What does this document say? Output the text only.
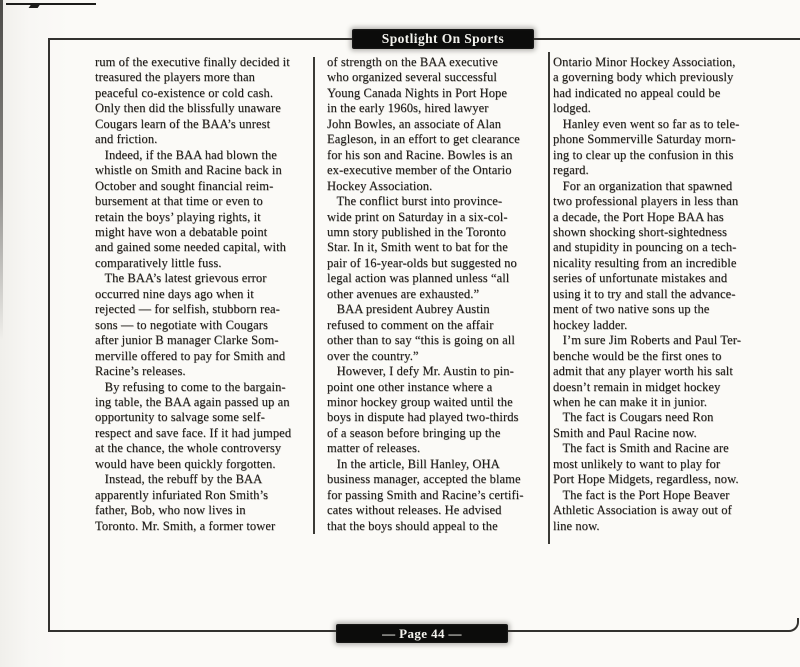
Spotlight On Sports
rum of the executive finally decided it
treasured the players more than
peaceful co-existence or cold cash.
Only then did the blissfully unaware
Cougars learn of the BAA’s unrest
and friction.
Indeed, if the BAA had blown the
whistle on Smith and Racine back in
October and sought financial reim-
bursement at that time or even to
retain the boys’ playing rights, it
might have won a debatable point
and gained some needed capital, with
comparatively little fuss.
The BAA’s latest grievous error
occurred nine days ago when it
rejected — for selfish, stubborn rea-
sons — to negotiate with Cougars
after junior B manager Clarke Som-
merville offered to pay for Smith and
Racine’s releases.
By refusing to come to the bargain-
ing table, the BAA again passed up an
opportunity to salvage some self-
respect and save face. If it had jumped
at the chance, the whole controversy
would have been quickly forgotten.
Instead, the rebuff by the BAA
apparently infuriated Ron Smith’s
father, Bob, who now lives in
Toronto. Mr. Smith, a former tower
of strength on the BAA executive
who organized several successful
Young Canada Nights in Port Hope
in the early 1960s, hired lawyer
John Bowles, an associate of Alan
Eagleson, in an effort to get clearance
for his son and Racine. Bowles is an
ex-executive member of the Ontario
Hockey Association.
The conflict burst into province-
wide print on Saturday in a six-col-
umn story published in the Toronto
Star. In it, Smith went to bat for the
pair of 16-year-olds but suggested no
legal action was planned unless “all
other avenues are exhausted.”
BAA president Aubrey Austin
refused to comment on the affair
other than to say “this is going on all
over the country.”
However, I defy Mr. Austin to pin-
point one other instance where a
minor hockey group waited until the
boys in dispute had played two-thirds
of a season before bringing up the
matter of releases.
In the article, Bill Hanley, OHA
business manager, accepted the blame
for passing Smith and Racine’s certifi-
cates without releases. He advised
that the boys should appeal to the
Ontario Minor Hockey Association,
a governing body which previously
had indicated no appeal could be
lodged.
Hanley even went so far as to tele-
phone Sommerville Saturday morn-
ing to clear up the confusion in this
regard.
For an organization that spawned
two professional players in less than
a decade, the Port Hope BAA has
shown shocking short-sightedness
and stupidity in pouncing on a tech-
nicality resulting from an incredible
series of unfortunate mistakes and
using it to try and stall the advance-
ment of two native sons up the
hockey ladder.
I’m sure Jim Roberts and Paul Ter-
benche would be the first ones to
admit that any player worth his salt
doesn’t remain in midget hockey
when he can make it in junior.
The fact is Cougars need Ron
Smith and Paul Racine now.
The fact is Smith and Racine are
most unlikely to want to play for
Port Hope Midgets, regardless, now.
The fact is the Port Hope Beaver
Athletic Association is away out of
line now.
— Page 44 —
